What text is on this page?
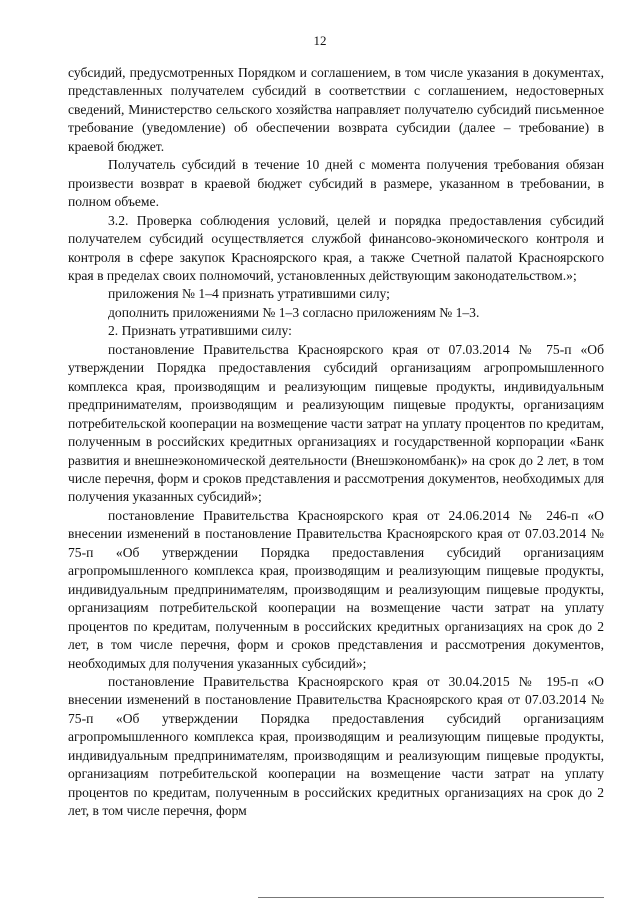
12

субсидий, предусмотренных Порядком и соглашением, в том числе указания в документах, представленных получателем субсидий в соответствии с соглашением, недостоверных сведений, Министерство сельского хозяйства направляет получателю субсидий письменное требование (уведомление) об обеспечении возврата субсидии (далее – требование) в краевой бюджет.

Получатель субсидий в течение 10 дней с момента получения требования обязан произвести возврат в краевой бюджет субсидий в размере, указанном в требовании, в полном объеме.

3.2. Проверка соблюдения условий, целей и порядка предоставления субсидий получателем субсидий осуществляется службой финансово-экономического контроля и контроля в сфере закупок Красноярского края, а также Счетной палатой Красноярского края в пределах своих полномочий, установленных действующим законодательством.»;

приложения № 1–4 признать утратившими силу;

дополнить приложениями № 1–3 согласно приложениям № 1–3.

2. Признать утратившими силу:

постановление Правительства Красноярского края от 07.03.2014 № 75-п «Об утверждении Порядка предоставления субсидий организациям агропромышленного комплекса края, производящим и реализующим пищевые продукты, индивидуальным предпринимателям, производящим и реализующим пищевые продукты, организациям потребительской кооперации на возмещение части затрат на уплату процентов по кредитам, полученным в российских кредитных организациях и государственной корпорации «Банк развития и внешнеэкономической деятельности (Внешэкономбанк)» на срок до 2 лет, в том числе перечня, форм и сроков представления и рассмотрения документов, необходимых для получения указанных субсидий»;

постановление Правительства Красноярского края от 24.06.2014 № 246-п «О внесении изменений в постановление Правительства Красноярского края от 07.03.2014 № 75-п «Об утверждении Порядка предоставления субсидий организациям агропромышленного комплекса края, производящим и реализующим пищевые продукты, индивидуальным предпринимателям, производящим и реализующим пищевые продукты, организациям потребительской кооперации на возмещение части затрат на уплату процентов по кредитам, полученным в российских кредитных организациях на срок до 2 лет, в том числе перечня, форм и сроков представления и рассмотрения документов, необходимых для получения указанных субсидий»;

постановление Правительства Красноярского края от 30.04.2015 № 195-п «О внесении изменений в постановление Правительства Красноярского края от 07.03.2014 № 75-п «Об утверждении Порядка предоставления субсидий организациям агропромышленного комплекса края, производящим и реализующим пищевые продукты, индивидуальным предпринимателям, производящим и реализующим пищевые продукты, организациям потребительской кооперации на возмещение части затрат на уплату процентов по кредитам, полученным в российских кредитных организациях на срок до 2 лет, в том числе перечня, форм
